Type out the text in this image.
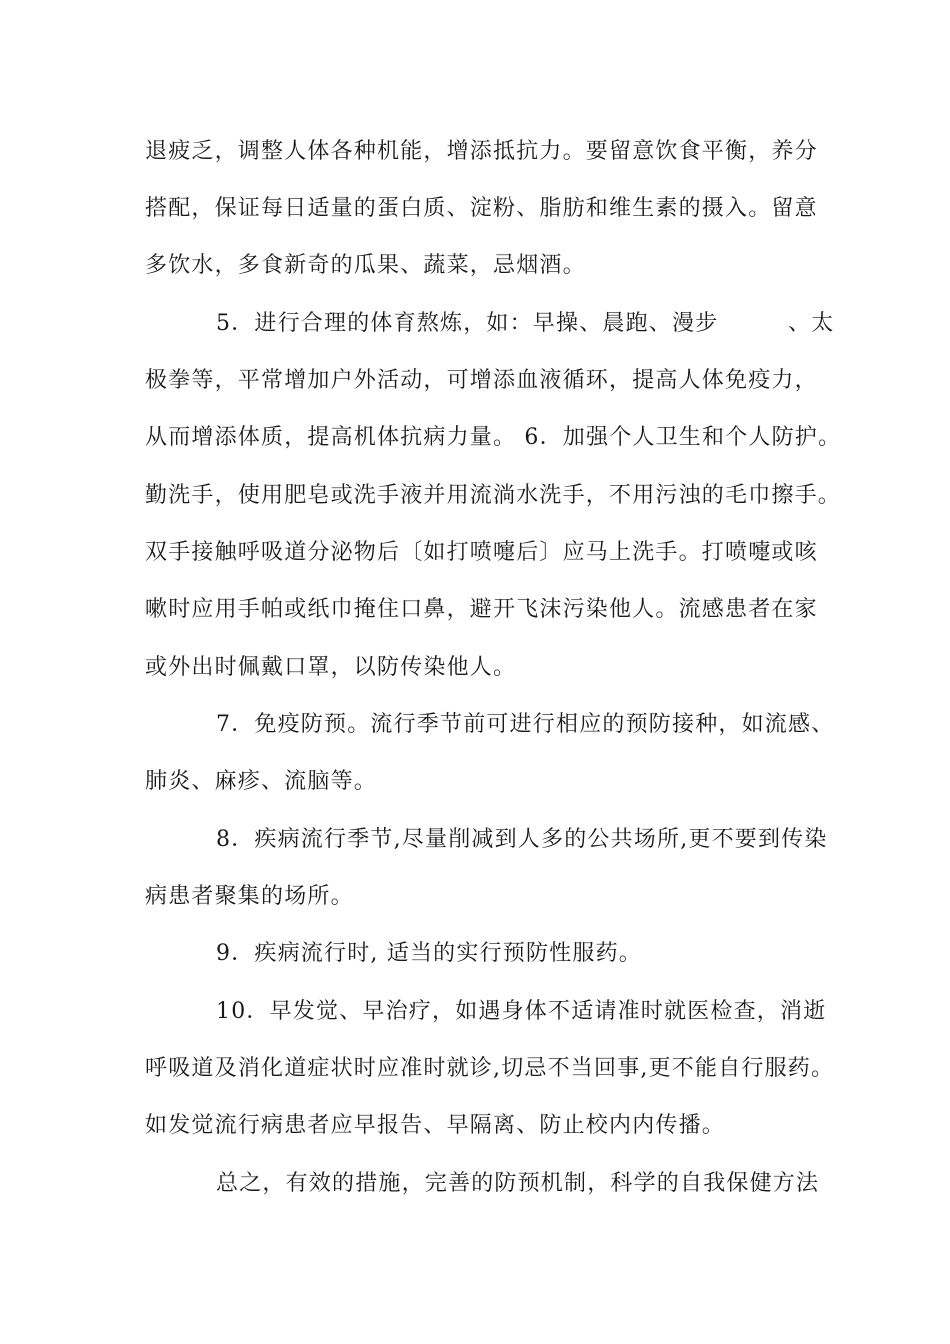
退疲乏，调整人体各种机能，增添抵抗力。要留意饮食平衡，养分
搭配，保证每日适量的蛋白质、淀粉、脂肪和维生素的摄入。留意
多饮水，多食新奇的瓜果、蔬菜，忌烟酒。
5．进行合理的体育熬炼，如：早操、晨跑、漫步　　　、太
极拳等，平常增加户外活动，可增添血液循环，提高人体免疫力，
从而增添体质，提高机体抗病力量。 6．加强个人卫生和个人防护。
勤洗手，使用肥皂或洗手液并用流淌水洗手，不用污浊的毛巾擦手。
双手接触呼吸道分泌物后〔如打喷嚏后〕应马上洗手。打喷嚏或咳
嗽时应用手帕或纸巾掩住口鼻，避开飞沫污染他人。流感患者在家
或外出时佩戴口罩，以防传染他人。
7．免疫防预。流行季节前可进行相应的预防接种，如流感、
肺炎、麻疹、流脑等。
8．疾病流行季节,尽量削减到人多的公共场所,更不要到传染
病患者聚集的场所。
9．疾病流行时, 适当的实行预防性服药。
10．早发觉、早治疗，如遇身体不适请准时就医检查，消逝
呼吸道及消化道症状时应准时就诊,切忌不当回事,更不能自行服药。
如发觉流行病患者应早报告、早隔离、防止校内内传播。
总之，有效的措施，完善的防预机制，科学的自我保健方法
